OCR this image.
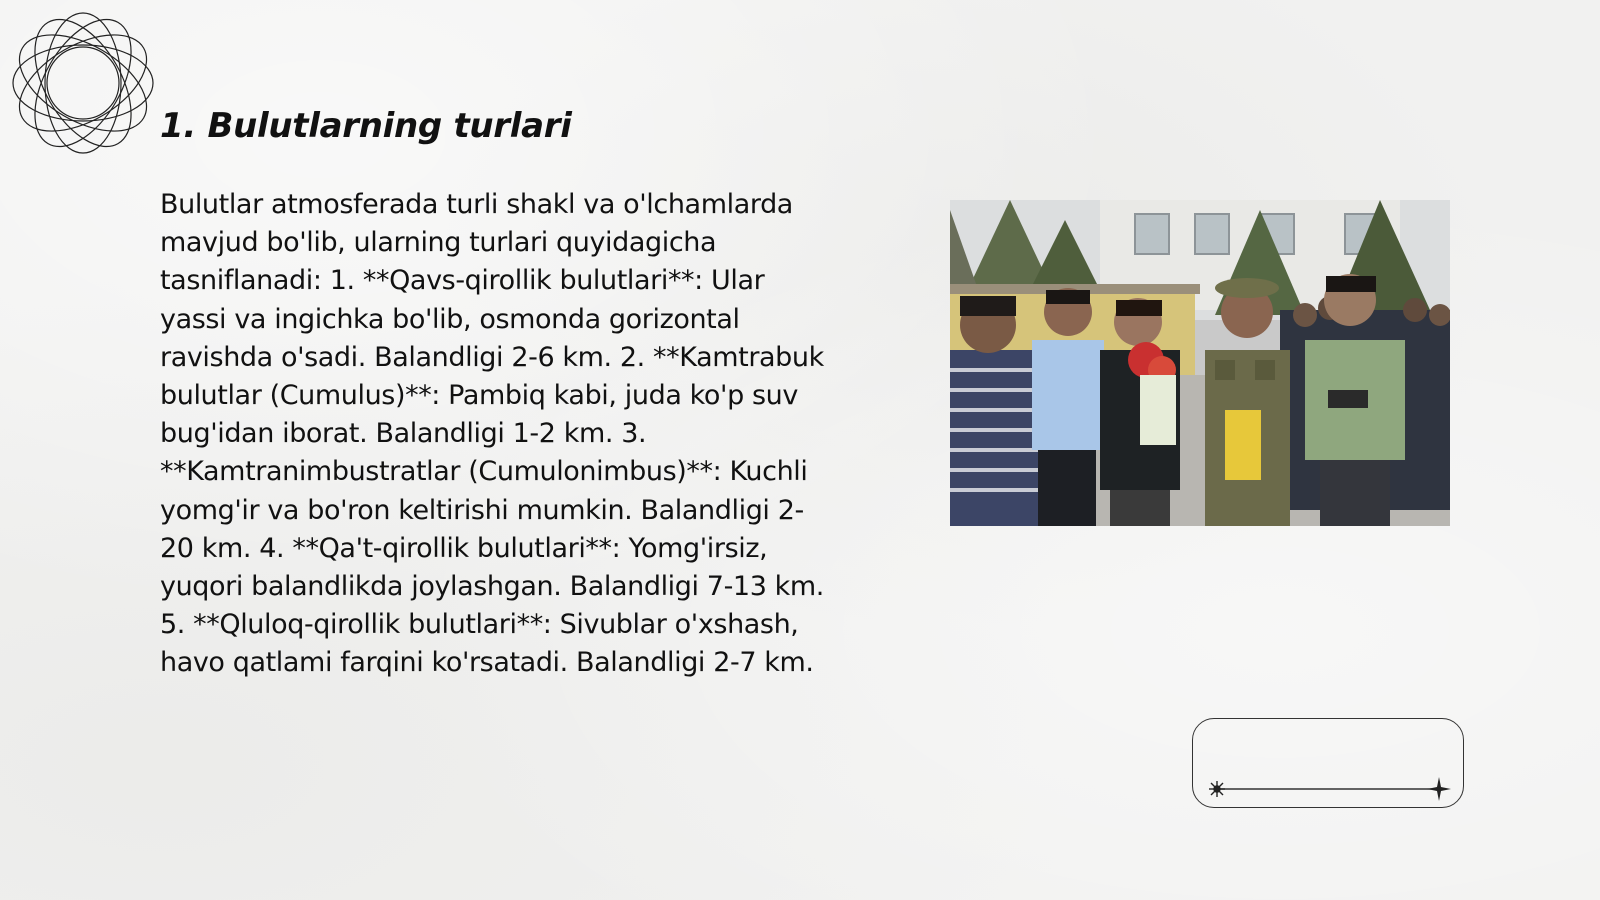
1. Bulutlarning turlari

Bulutlar atmosferada turli shakl va o'lchamlarda mavjud bo'lib, ularning turlari quyidagicha tasniflanadi: 1. **Qavs-qirollik bulutlari**: Ular yassi va ingichka bo'lib, osmonda gorizontal ravishda o'sadi. Balandligi 2-6 km. 2. **Kamtrabuk bulutlar (Cumulus)**: Pambiq kabi, juda ko'p suv bug'idan iborat. Balandligi 1-2 km. 3. **Kamtranimbustratlar (Cumulonimbus)**: Kuchli yomg'ir va bo'ron keltirishi mumkin. Balandligi 2-20 km. 4. **Qa't-qirollik bulutlari**: Yomg'irsiz, yuqori balandlikda joylashgan. Balandligi 7-13 km. 5. **Qluloq-qirollik bulutlari**: Sivublar o'xshash, havo qatlami farqini ko'rsatadi. Balandligi 2-7 km.
